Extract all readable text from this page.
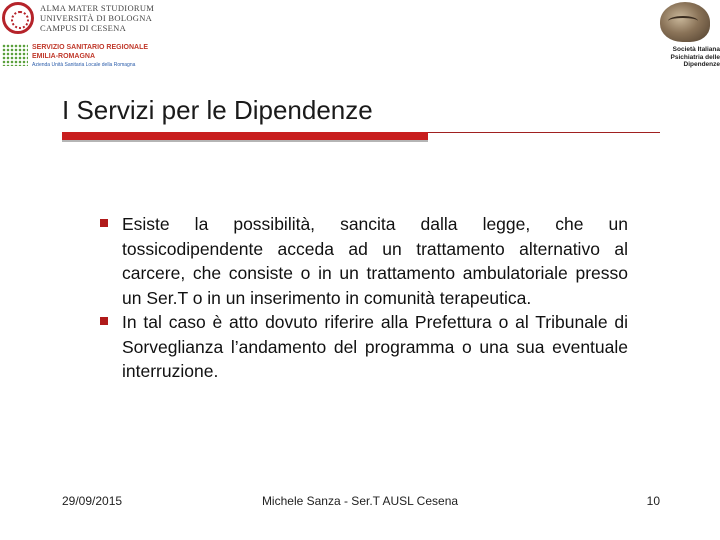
ALMA MATER STUDIORUM
UNIVERSITÀ DI BOLOGNA
CAMPUS DI CESENA
SERVIZIO SANITARIO REGIONALE
EMILIA-ROMAGNA
Azienda Unità Sanitaria Locale della Romagna
Società Italiana
Psichiatria delle
Dipendenze
I Servizi per le Dipendenze
Esiste la possibilità, sancita dalla legge, che un tossicodipendente acceda ad un trattamento alternativo al carcere, che consiste o in un trattamento ambulatoriale presso un Ser.T o in un inserimento in comunità terapeutica.
In tal caso è atto dovuto riferire alla Prefettura o al Tribunale di Sorveglianza l’andamento del programma o una sua eventuale interruzione.
29/09/2015	Michele Sanza - Ser.T AUSL Cesena	10
